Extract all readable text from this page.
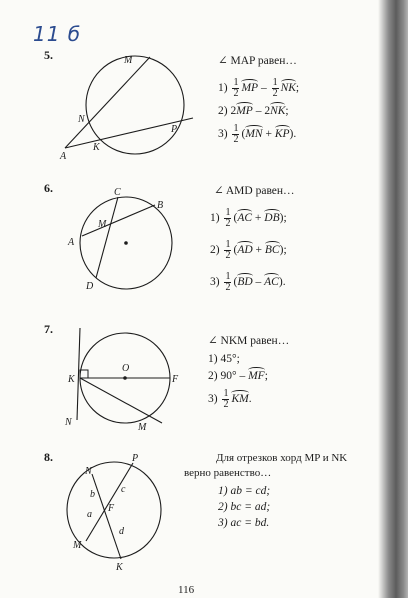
11 б
5.	M
N
P
A
K
∠ MAP равен…
$1) \frac{1}{2}$ MP – $\frac{1}{2}$ NK;
2) 2MP – 2NK;
$3) \frac{1}{2} (MN + KP)$.
6.	C
B
M
A
D
∠ AMD равен…
$1) \frac{1}{2} (AC + DB)$;
$2) \frac{1}{2} (AD + BC)$;
$3) \frac{1}{2} (BD - AC)$.
7.
O
K	F
N	M
∠ NKM равен…
1) 45°;
2) 90° – MF;
$3) \frac{1}{2}$ KM.
8.	P
N
b	c
a
F
d
M
K
Для отрезков хорд MP и NK
верно равенство…
1) ab = cd;
2) bc = ad;
3) ac = bd.
116
